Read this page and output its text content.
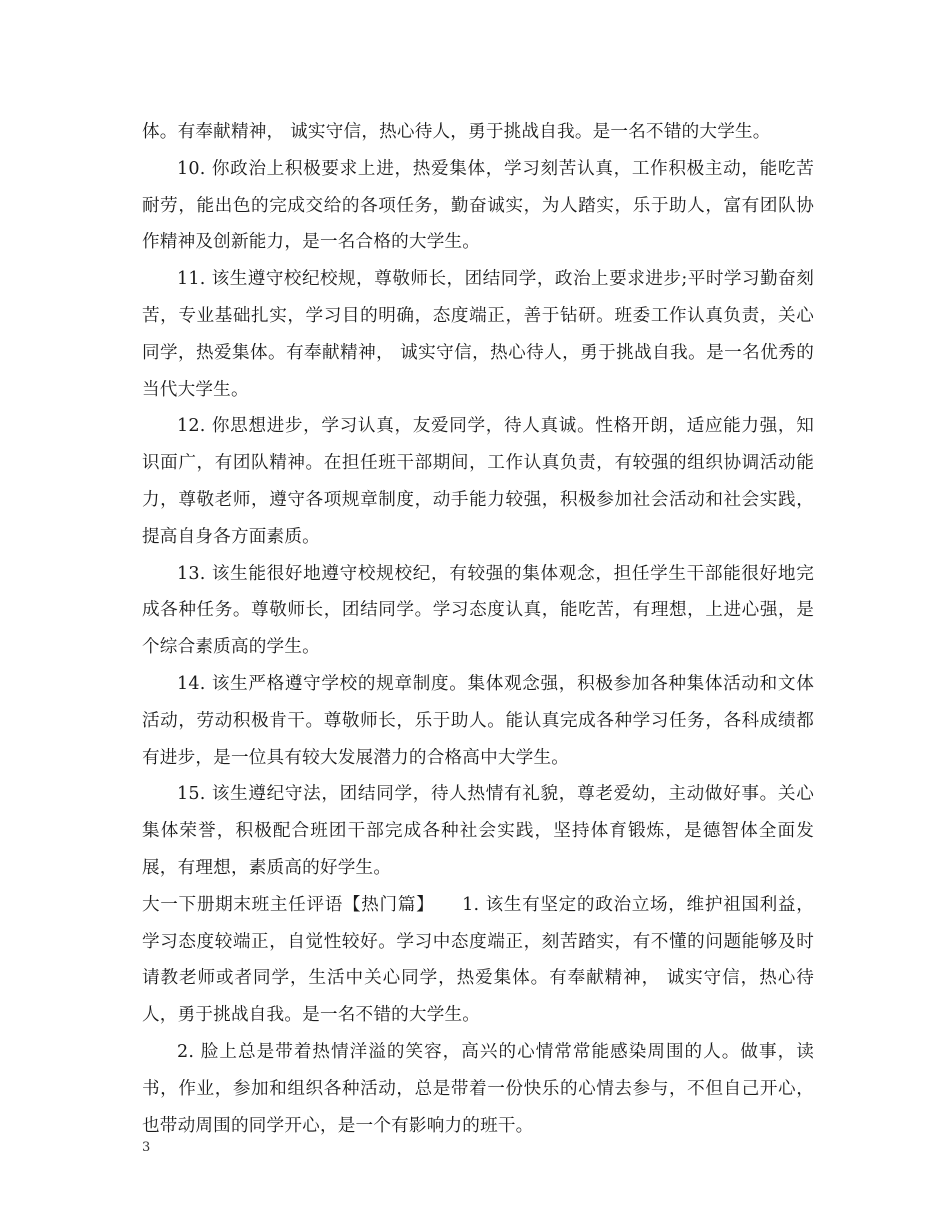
体。有奉献精神， 诚实守信，热心待人，勇于挑战自我。是一名不错的大学生。

10. 你政治上积极要求上进，热爱集体，学习刻苦认真，工作积极主动，能吃苦耐劳，能出色的完成交给的各项任务，勤奋诚实，为人踏实，乐于助人，富有团队协作精神及创新能力，是一名合格的大学生。

11. 该生遵守校纪校规，尊敬师长，团结同学，政治上要求进步;平时学习勤奋刻苦，专业基础扎实，学习目的明确，态度端正，善于钻研。班委工作认真负责，关心同学，热爱集体。有奉献精神， 诚实守信，热心待人，勇于挑战自我。是一名优秀的当代大学生。

12. 你思想进步，学习认真，友爱同学，待人真诚。性格开朗，适应能力强，知识面广，有团队精神。在担任班干部期间，工作认真负责，有较强的组织协调活动能力，尊敬老师，遵守各项规章制度，动手能力较强，积极参加社会活动和社会实践，提高自身各方面素质。

13. 该生能很好地遵守校规校纪，有较强的集体观念，担任学生干部能很好地完成各种任务。尊敬师长，团结同学。学习态度认真，能吃苦，有理想，上进心强，是个综合素质高的学生。

14. 该生严格遵守学校的规章制度。集体观念强，积极参加各种集体活动和文体活动，劳动积极肯干。尊敬师长，乐于助人。能认真完成各种学习任务，各科成绩都有进步，是一位具有较大发展潜力的合格高中大学生。

15. 该生遵纪守法，团结同学，待人热情有礼貌，尊老爱幼，主动做好事。关心集体荣誉，积极配合班团干部完成各种社会实践，坚持体育锻炼，是德智体全面发展，有理想，素质高的好学生。

大一下册期末班主任评语【热门篇】　　1. 该生有坚定的政治立场，维护祖国利益，学习态度较端正，自觉性较好。学习中态度端正，刻苦踏实，有不懂的问题能够及时请教老师或者同学，生活中关心同学，热爱集体。有奉献精神， 诚实守信，热心待人，勇于挑战自我。是一名不错的大学生。

2. 脸上总是带着热情洋溢的笑容，高兴的心情常常能感染周围的人。做事，读书，作业，参加和组织各种活动，总是带着一份快乐的心情去参与，不但自己开心，也带动周围的同学开心，是一个有影响力的班干。

3
